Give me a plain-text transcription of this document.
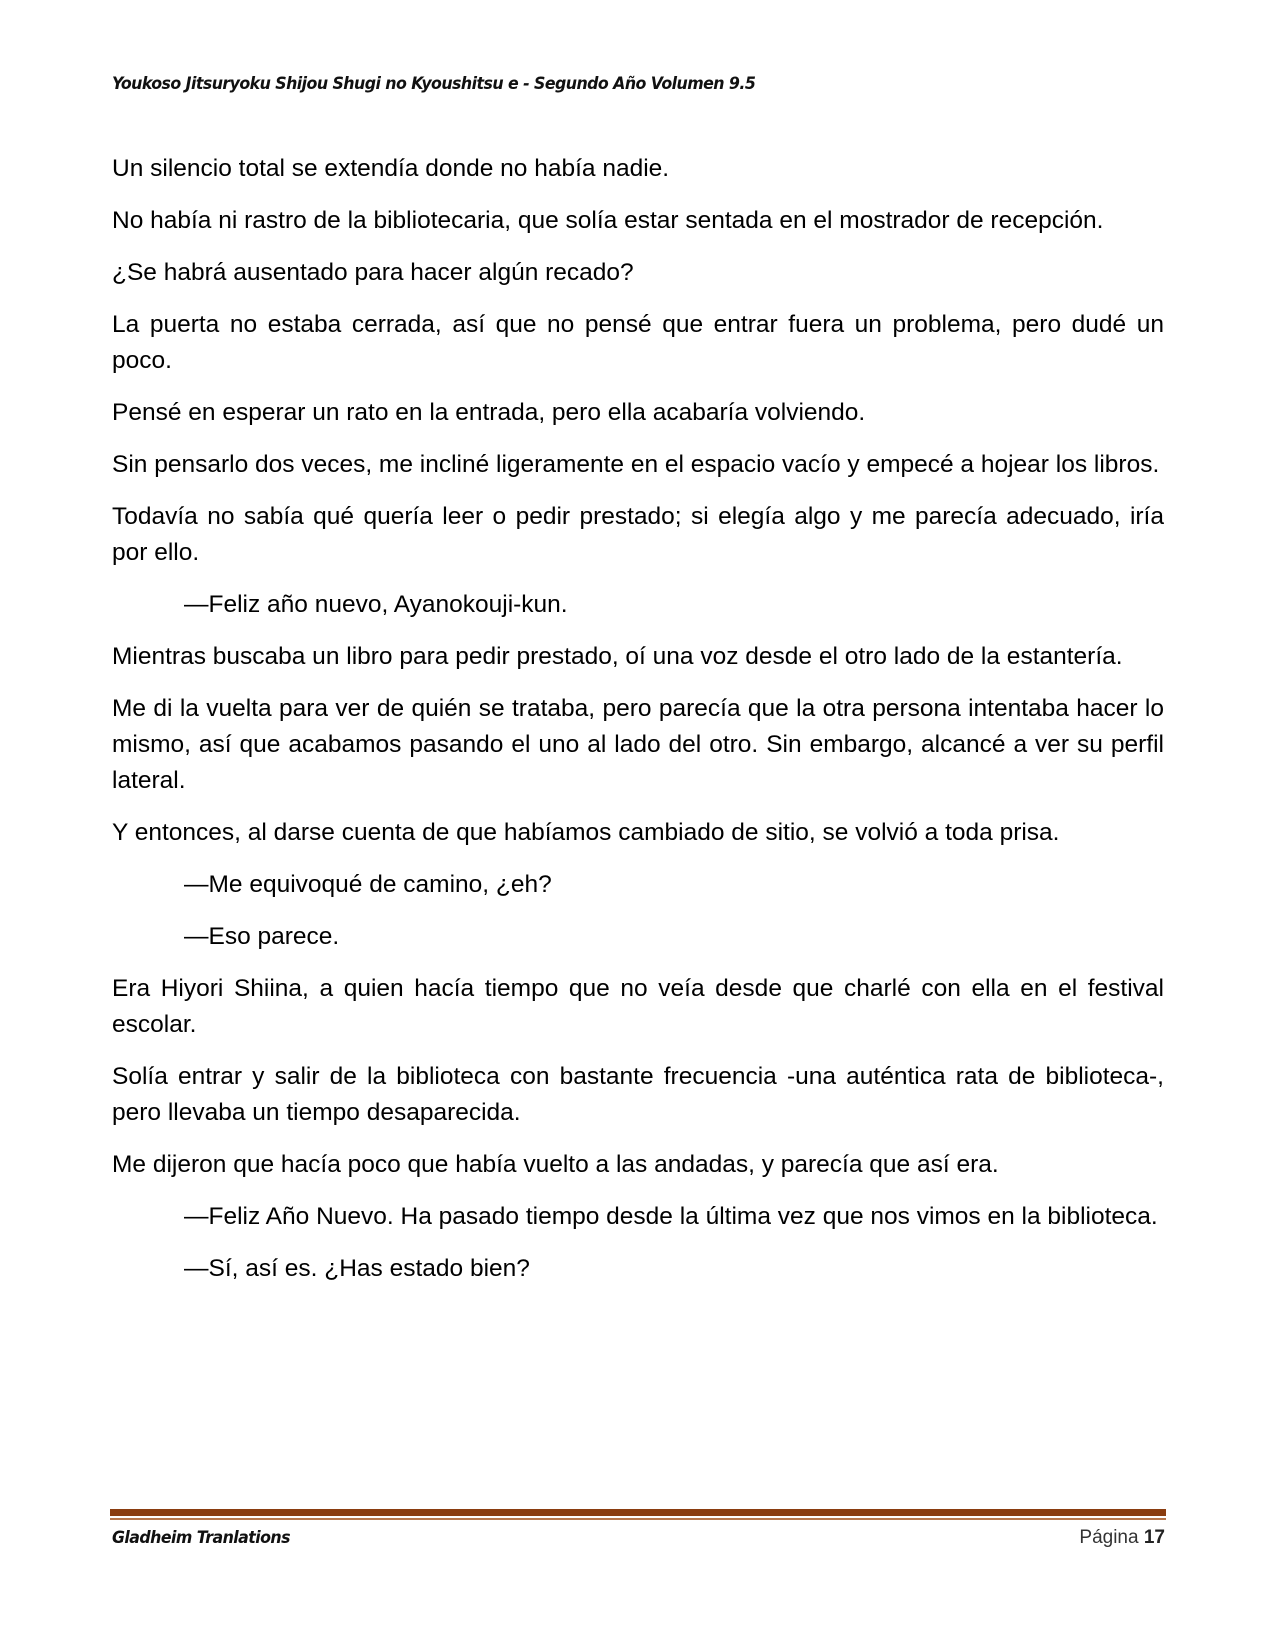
Youkoso Jitsuryoku Shijou Shugi no Kyoushitsu e - Segundo Año Volumen 9.5

Un silencio total se extendía donde no había nadie.

No había ni rastro de la bibliotecaria, que solía estar sentada en el mostrador de recepción.

¿Se habrá ausentado para hacer algún recado?

La puerta no estaba cerrada, así que no pensé que entrar fuera un problema, pero dudé un poco.

Pensé en esperar un rato en la entrada, pero ella acabaría volviendo.

Sin pensarlo dos veces, me incliné ligeramente en el espacio vacío y empecé a hojear los libros.

Todavía no sabía qué quería leer o pedir prestado; si elegía algo y me parecía adecuado, iría por ello.

—Feliz año nuevo, Ayanokouji-kun.

Mientras buscaba un libro para pedir prestado, oí una voz desde el otro lado de la estantería.

Me di la vuelta para ver de quién se trataba, pero parecía que la otra persona intentaba hacer lo mismo, así que acabamos pasando el uno al lado del otro. Sin embargo, alcancé a ver su perfil lateral.

Y entonces, al darse cuenta de que habíamos cambiado de sitio, se volvió a toda prisa.

—Me equivoqué de camino, ¿eh?

—Eso parece.

Era Hiyori Shiina, a quien hacía tiempo que no veía desde que charlé con ella en el festival escolar.

Solía entrar y salir de la biblioteca con bastante frecuencia -una auténtica rata de biblioteca-, pero llevaba un tiempo desaparecida.

Me dijeron que hacía poco que había vuelto a las andadas, y parecía que así era.

—Feliz Año Nuevo. Ha pasado tiempo desde la última vez que nos vimos en la biblioteca.

—Sí, así es. ¿Has estado bien?

Gladheim Tranlations	Página 17
